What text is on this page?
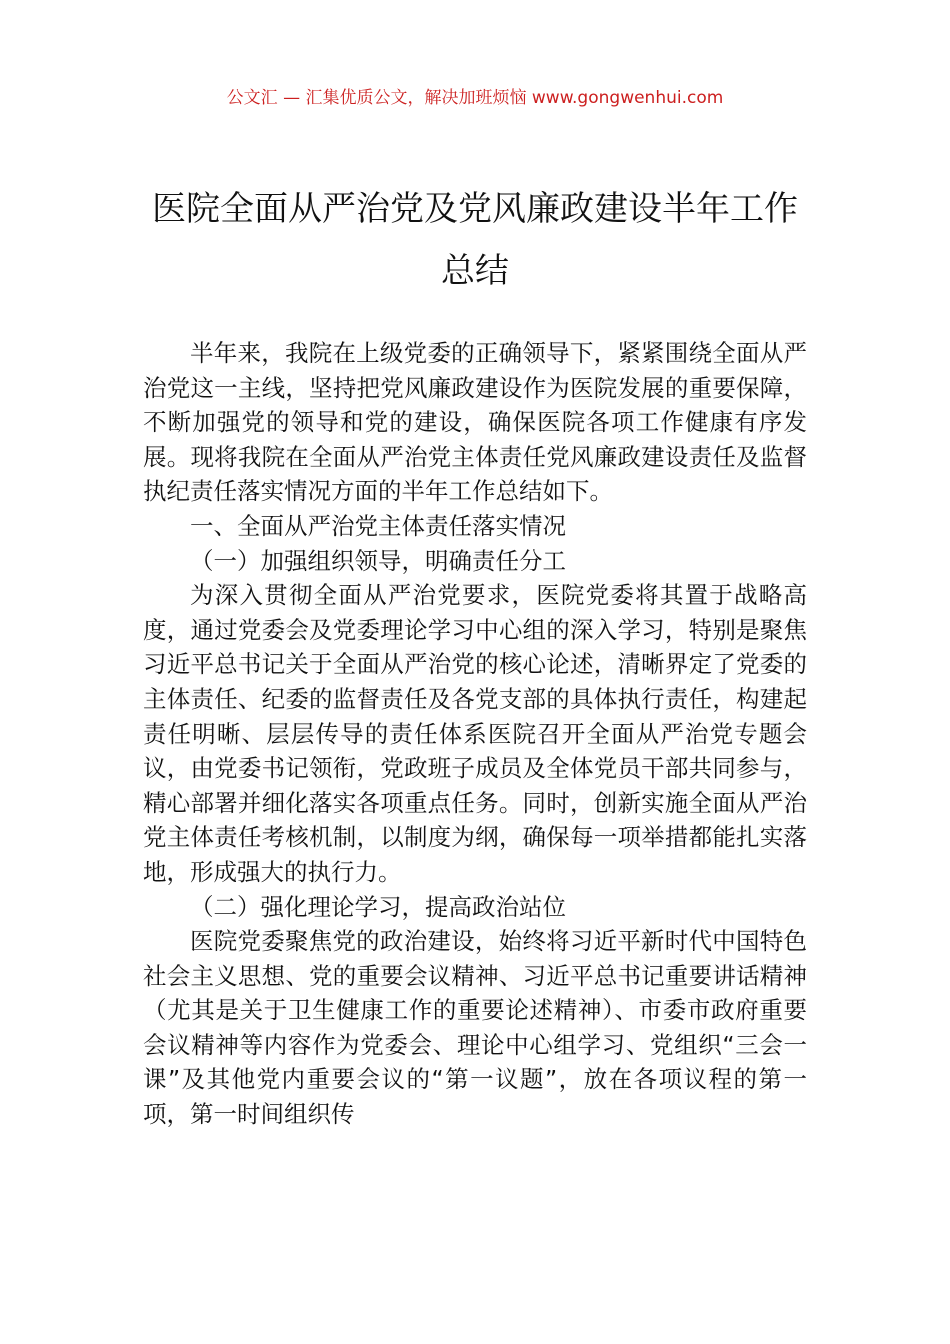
公文汇 — 汇集优质公文，解决加班烦恼 www.gongwenhui.com
医院全面从严治党及党风廉政建设半年工作总结

半年来，我院在上级党委的正确领导下，紧紧围绕全面从严治党这一主线，坚持把党风廉政建设作为医院发展的重要保障，不断加强党的领导和党的建设，确保医院各项工作健康有序发展。现将我院在全面从严治党主体责任党风廉政建设责任及监督执纪责任落实情况方面的半年工作总结如下。

一、全面从严治党主体责任落实情况

（一）加强组织领导，明确责任分工

为深入贯彻全面从严治党要求，医院党委将其置于战略高度，通过党委会及党委理论学习中心组的深入学习，特别是聚焦习近平总书记关于全面从严治党的核心论述，清晰界定了党委的主体责任、纪委的监督责任及各党支部的具体执行责任，构建起责任明晰、层层传导的责任体系医院召开全面从严治党专题会议，由党委书记领衔，党政班子成员及全体党员干部共同参与，精心部署并细化落实各项重点任务。同时，创新实施全面从严治党主体责任考核机制，以制度为纲，确保每一项举措都能扎实落地，形成强大的执行力。

（二）强化理论学习，提高政治站位

医院党委聚焦党的政治建设，始终将习近平新时代中国特色社会主义思想、党的重要会议精神、习近平总书记重要讲话精神（尤其是关于卫生健康工作的重要论述精神）、市委市政府重要会议精神等内容作为党委会、理论中心组学习、党组织“三会一课”及其他党内重要会议的“第一议题”，放在各项议程的第一项，第一时间组织传
